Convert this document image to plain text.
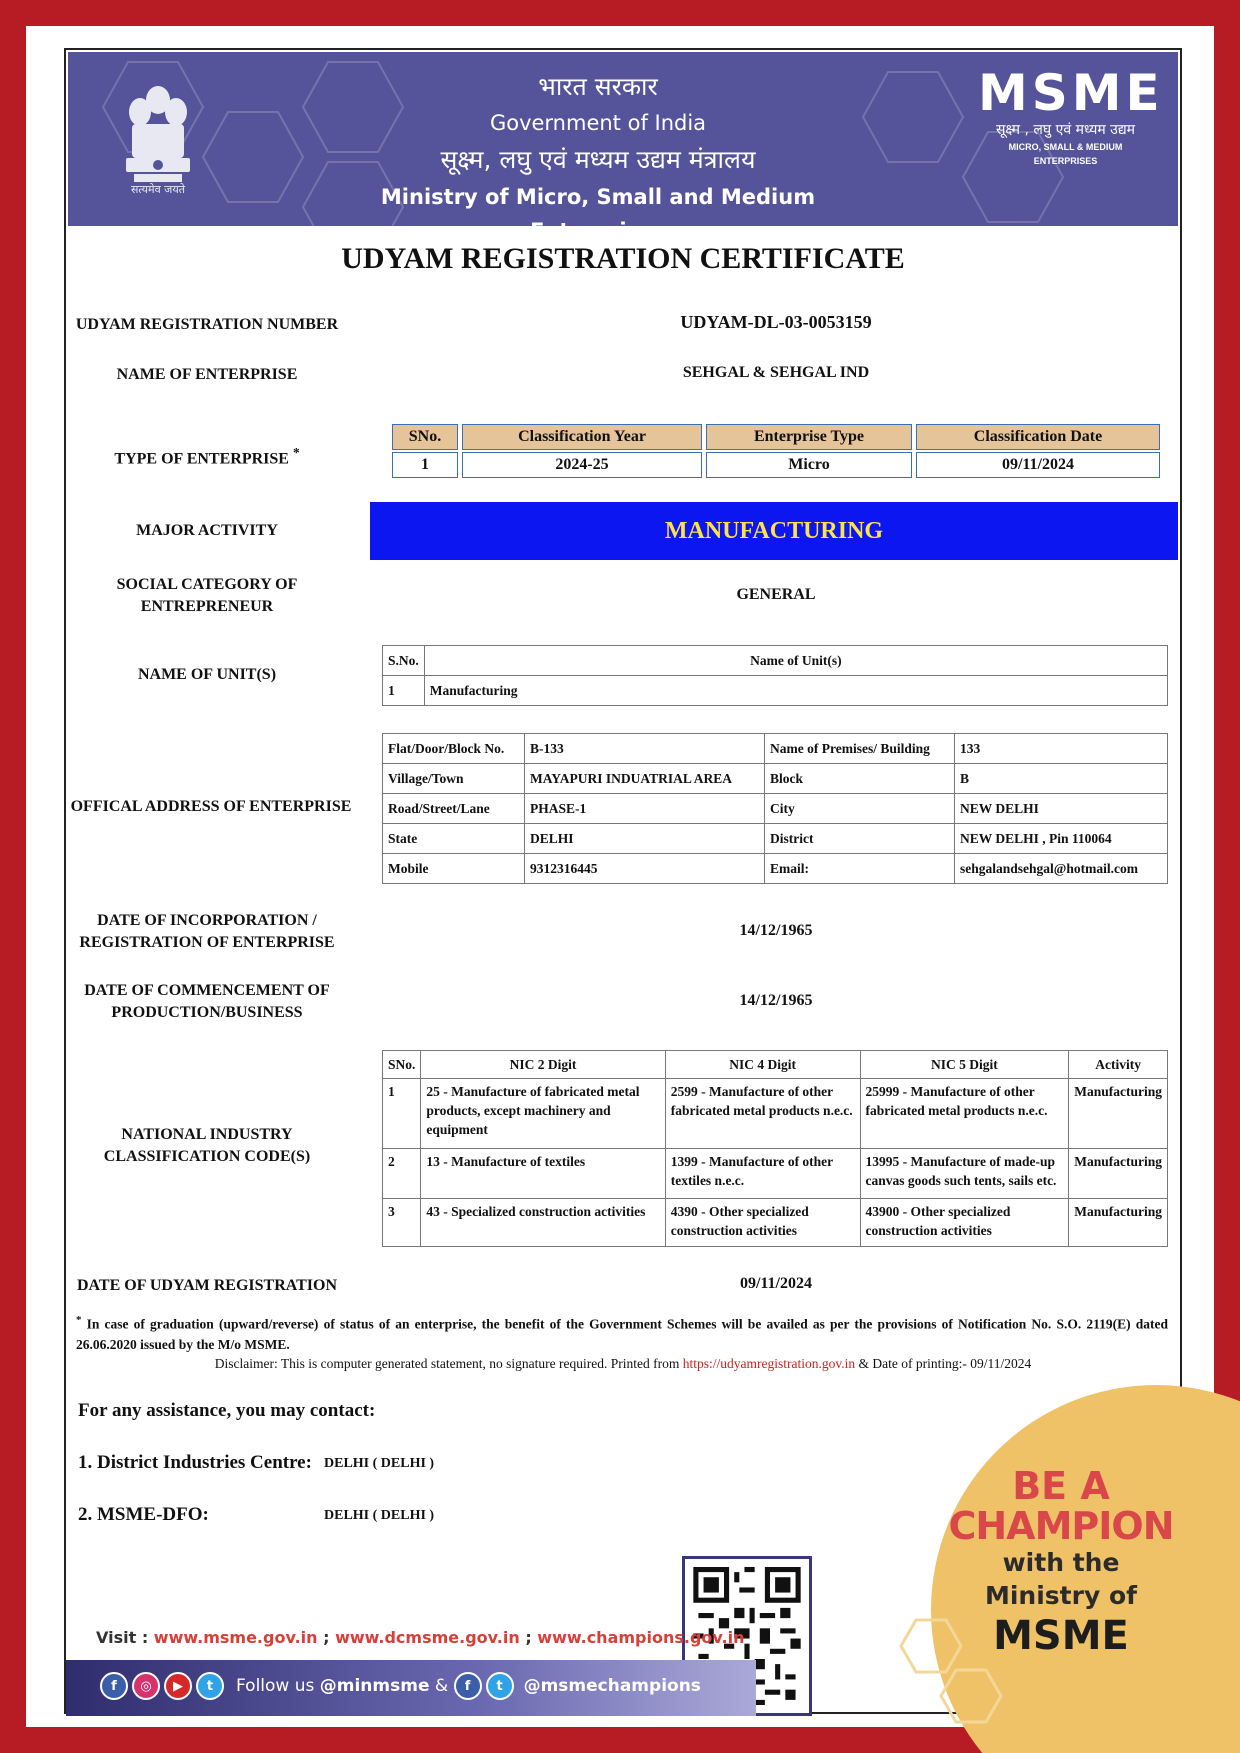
सत्यमेव जयते
भारत सरकार
Government of India
सूक्ष्म, लघु एवं मध्यम उद्यम मंत्रालय
Ministry of Micro, Small and Medium Enterprises
MSME
सूक्ष्म , लघु एवं मध्यम उद्यम
MICRO, SMALL & MEDIUM ENTERPRISES
UDYAM REGISTRATION CERTIFICATE
UDYAM REGISTRATION NUMBER	UDYAM-DL-03-0053159
NAME OF ENTERPRISE	SEHGAL & SEHGAL IND
TYPE OF ENTERPRISE *
SNo.	Classification Year	Enterprise Type	Classification Date
1	2024-25	Micro	09/11/2024
MAJOR ACTIVITY	MANUFACTURING
SOCIAL CATEGORY OF ENTREPRENEUR
GENERAL
NAME OF UNIT(S)
S.No.	Name of Unit(s)
1	Manufacturing
OFFICAL ADDRESS OF ENTERPRISE
Flat/Door/Block No.	B-133	Name of Premises/ Building	133
Village/Town	MAYAPURI INDUATRIAL AREA	Block	B
Road/Street/Lane	PHASE-1	City	NEW DELHI
State	DELHI	District	NEW DELHI , Pin 110064
Mobile	9312316445	Email:	sehgalandsehgal@hotmail.com
DATE OF INCORPORATION / REGISTRATION OF ENTERPRISE
14/12/1965
DATE OF COMMENCEMENT OF PRODUCTION/BUSINESS
14/12/1965
NATIONAL INDUSTRY CLASSIFICATION CODE(S)
SNo.	NIC 2 Digit	NIC 4 Digit	NIC 5 Digit	Activity
1	25 - Manufacture of fabricated metal products, except machinery and equipment	2599 - Manufacture of other fabricated metal products n.e.c.	25999 - Manufacture of other fabricated metal products n.e.c.	Manufacturing
2	13 - Manufacture of textiles	1399 - Manufacture of other textiles n.e.c.	13995 - Manufacture of made-up canvas goods such tents, sails etc.	Manufacturing
3	43 - Specialized construction activities	4390 - Other specialized construction activities	43900 - Other specialized construction activities	Manufacturing
DATE OF UDYAM REGISTRATION	09/11/2024
* In case of graduation (upward/reverse) of status of an enterprise, the benefit of the Government Schemes will be availed as per the provisions of Notification No. S.O. 2119(E) dated 26.06.2020 issued by the M/o MSME.
Disclaimer: This is computer generated statement, no signature required. Printed from https://udyamregistration.gov.in & Date of printing:- 09/11/2024
For any assistance, you may contact:
1. District Industries Centre: DELHI ( DELHI )
2. MSME-DFO:	DELHI ( DELHI )
BE A
CHAMPION
with the
Ministry of
MSME
Visit : www.msme.gov.in ; www.dcmsme.gov.in ; www.champions.gov.in
f	◎	▶	t	Follow us
@minmsme
&
	f	t	@msmechampions
